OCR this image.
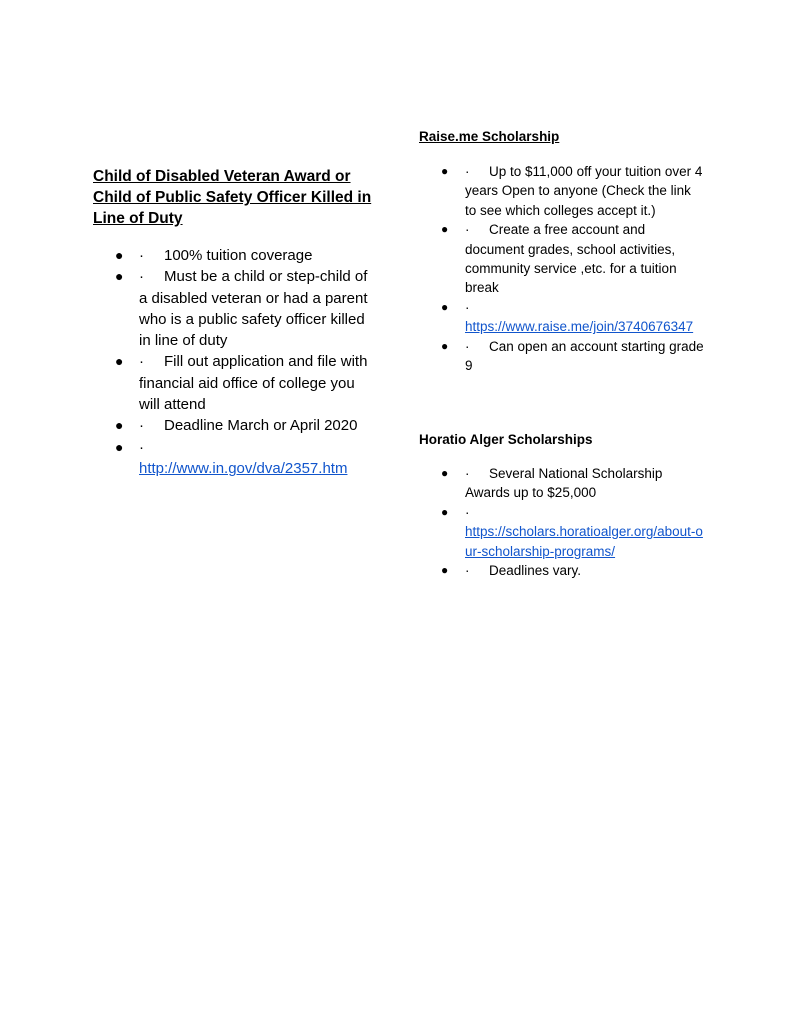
Child of Disabled Veteran Award or Child of Public Safety Officer Killed in Line of Duty
● · 100% tuition coverage
● · Must be a child or step-child of a disabled veteran or had a parent who is a public safety officer killed in line of duty
● · Fill out application and file with financial aid office of college you will attend
● · Deadline March or April 2020
● ·
http://www.in.gov/dva/2357.htm
Raise.me Scholarship
● · Up to $11,000 off your tuition over 4 years Open to anyone (Check the link to see which colleges accept it.)
● · Create a free account and document grades, school activities, community service ,etc. for a tuition break
● ·
https://www.raise.me/join/3740676347
● · Can open an account starting grade 9
Horatio Alger Scholarships
● · Several National Scholarship Awards up to $25,000
● ·
https://scholars.horatioalger.org/about-our-scholarship-programs/
● · Deadlines vary.
